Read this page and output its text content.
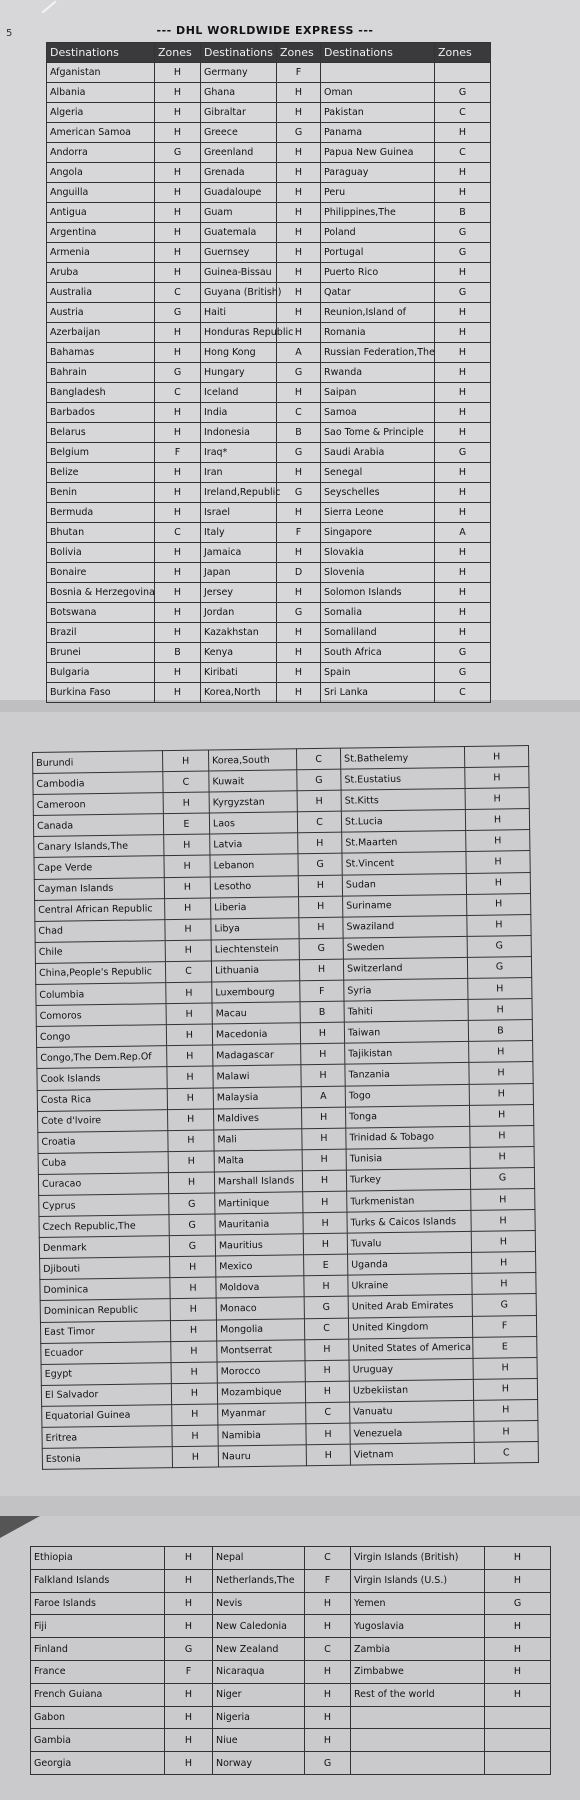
5	--- DHL WORLDWIDE EXPRESS ---
Destinations	Zones	Destinations	Zones	Destinations	Zones
Afganistan	H	Germany	F		
Albania	H	Ghana	H	Oman	G
Algeria	H	Gibraltar	H	Pakistan	C
American Samoa	H	Greece	G	Panama	H
Andorra	G	Greenland	H	Papua New Guinea	C
Angola	H	Grenada	H	Paraguay	H
Anguilla	H	Guadaloupe	H	Peru	H
Antigua	H	Guam	H	Philippines,The	B
Argentina	H	Guatemala	H	Poland	G
Armenia	H	Guernsey	H	Portugal	G
Aruba	H	Guinea-Bissau	H	Puerto Rico	H
Australia	C	Guyana (British)	H	Qatar	G
Austria	G	Haiti	H	Reunion,Island of	H
Azerbaijan	H	Honduras Republic	H	Romania	H
Bahamas	H	Hong Kong	A	Russian Federation,The	H
Bahrain	G	Hungary	G	Rwanda	H
Bangladesh	C	Iceland	H	Saipan	H
Barbados	H	India	C	Samoa	H
Belarus	H	Indonesia	B	Sao Tome & Principle	H
Belgium	F	Iraq*	G	Saudi Arabia	G
Belize	H	Iran	H	Senegal	H
Benin	H	Ireland,Republic	G	Seyschelles	H
Bermuda	H	Israel	H	Sierra Leone	H
Bhutan	C	Italy	F	Singapore	A
Bolivia	H	Jamaica	H	Slovakia	H
Bonaire	H	Japan	D	Slovenia	H
Bosnia & Herzegovina	H	Jersey	H	Solomon Islands	H
Botswana	H	Jordan	G	Somalia	H
Brazil	H	Kazakhstan	H	Somaliland	H
Brunei	B	Kenya	H	South Africa	G
Bulgaria	H	Kiribati	H	Spain	G
Burkina Faso	H	Korea,North	H	Sri Lanka	C
Burundi	H	Korea,South	C	St.Bathelemy	H
Cambodia	C	Kuwait	G	St.Eustatius	H
Cameroon	H	Kyrgyzstan	H	St.Kitts	H
Canada	E	Laos	C	St.Lucia	H
Canary Islands,The	H	Latvia	H	St.Maarten	H
Cape Verde	H	Lebanon	G	St.Vincent	H
Cayman Islands	H	Lesotho	H	Sudan	H
Central African Republic	H	Liberia	H	Suriname	H
Chad	H	Libya	H	Swaziland	H
Chile	H	Liechtenstein	G	Sweden	G
China,People's Republic	C	Lithuania	H	Switzerland	G
Columbia	H	Luxembourg	F	Syria	H
Comoros	H	Macau	B	Tahiti	H
Congo	H	Macedonia	H	Taiwan	B
Congo,The Dem.Rep.Of	H	Madagascar	H	Tajikistan	H
Cook Islands	H	Malawi	H	Tanzania	H
Costa Rica	H	Malaysia	A	Togo	H
Cote d'lvoire	H	Maldives	H	Tonga	H
Croatia	H	Mali	H	Trinidad & Tobago	H
Cuba	H	Malta	H	Tunisia	H
Curacao	H	Marshall Islands	H	Turkey	G
Cyprus	G	Martinique	H	Turkmenistan	H
Czech Republic,The	G	Mauritania	H	Turks & Caicos Islands	H
Denmark	G	Mauritius	H	Tuvalu	H
Djibouti	H	Mexico	E	Uganda	H
Dominica	H	Moldova	H	Ukraine	H
Dominican Republic	H	Monaco	G	United Arab Emirates	G
East Timor	H	Mongolia	C	United Kingdom	F
Ecuador	H	Montserrat	H	United States of America	E
Egypt	H	Morocco	H	Uruguay	H
El Salvador	H	Mozambique	H	Uzbekiistan	H
Equatorial Guinea	H	Myanmar	C	Vanuatu	H
Eritrea	H	Namibia	H	Venezuela	H
Estonia	H	Nauru	H	Vietnam	C
Ethiopia	H	Nepal	C	Virgin Islands (British)	H
Falkland Islands	H	Netherlands,The	F	Virgin Islands (U.S.)	H
Faroe Islands	H	Nevis	H	Yemen	G
Fiji	H	New Caledonia	H	Yugoslavia	H
Finland	G	New Zealand	C	Zambia	H
France	F	Nicaraqua	H	Zimbabwe	H
French Guiana	H	Niger	H	Rest of the world	H
Gabon	H	Nigeria	H		
Gambia	H	Niue	H		
Georgia	H	Norway	G		
